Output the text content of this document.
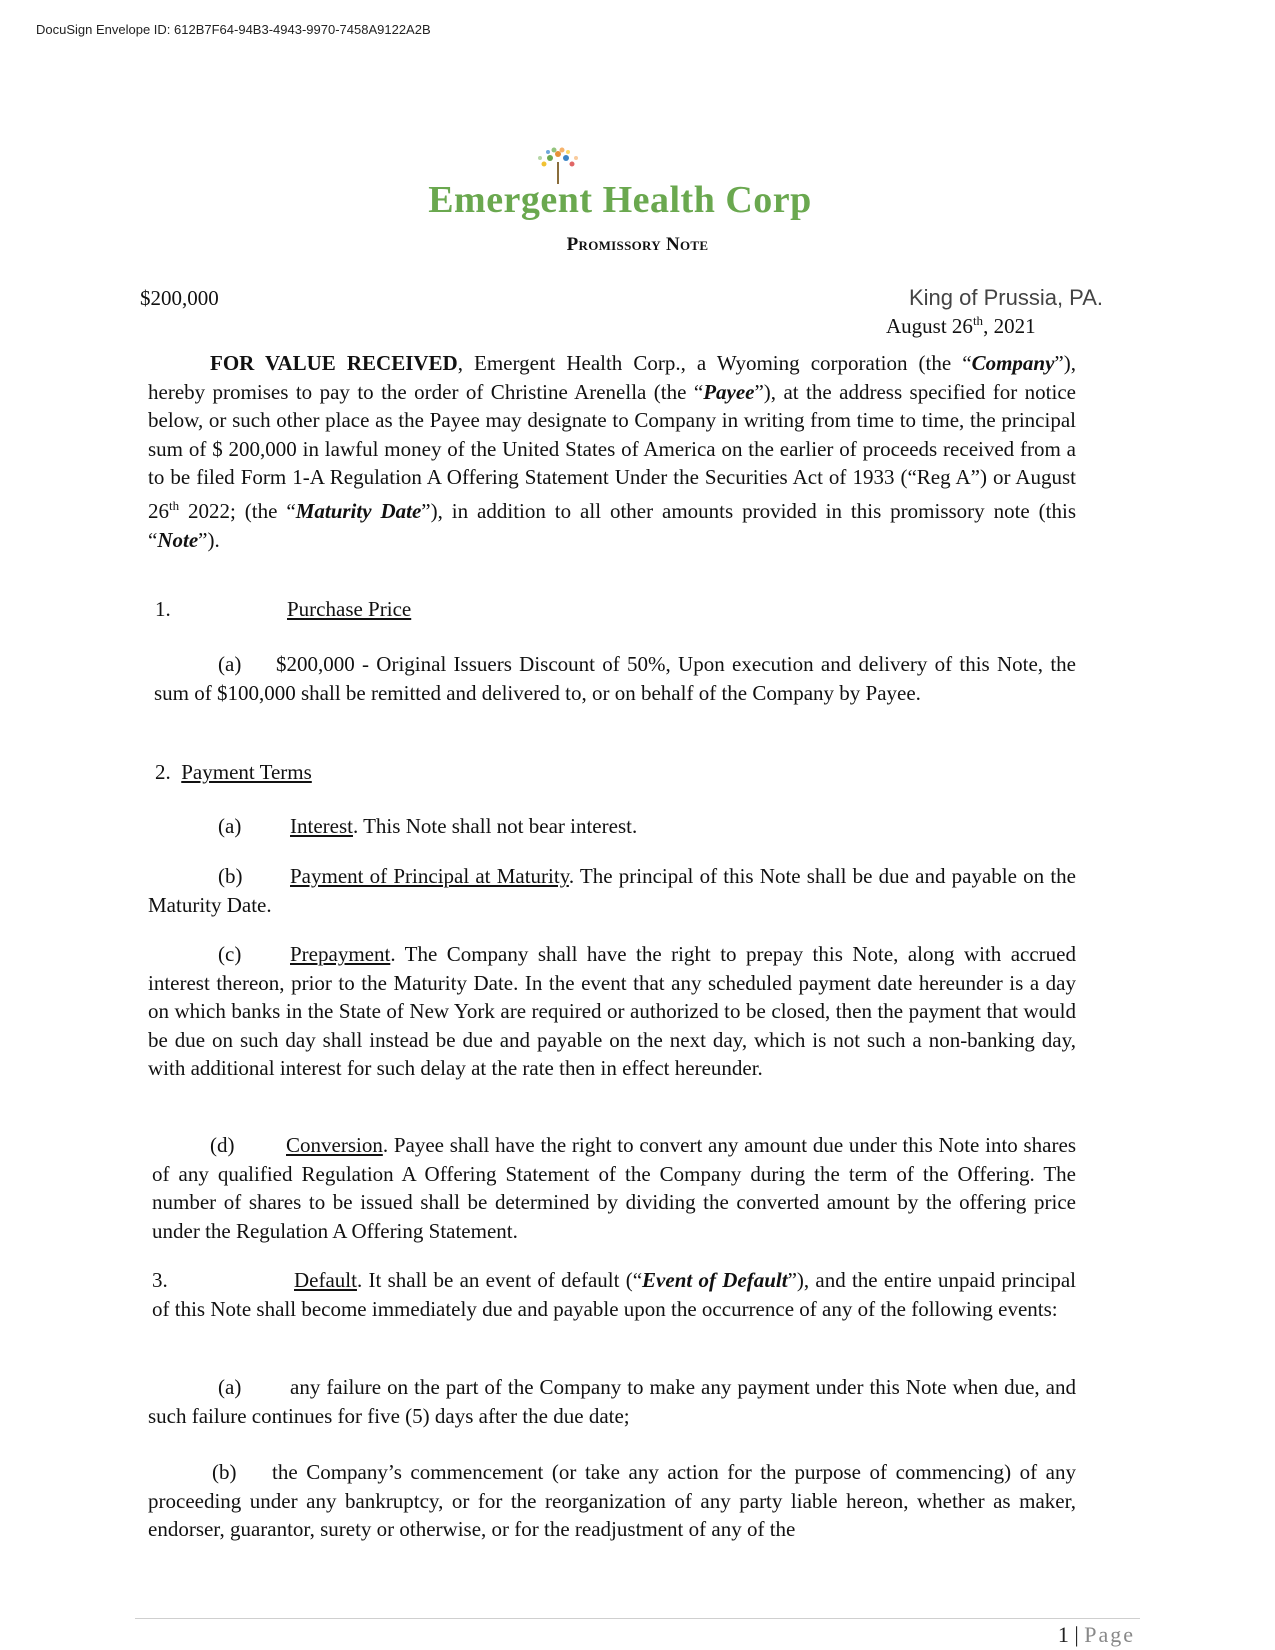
DocuSign Envelope ID: 612B7F64-94B3-4943-9970-7458A9122A2B
Emergent Health Corp
Promissory Note
$200,000	King of Prussia, PA.
August 26th, 2021

FOR VALUE RECEIVED, Emergent Health Corp., a Wyoming corporation (the “Company”), hereby promises to pay to the order of Christine Arenella (the “Payee”), at the address specified for notice below, or such other place as the Payee may designate to Company in writing from time to time, the principal sum of $ 200,000 in lawful money of the United States of America on the earlier of proceeds received from a to be filed Form 1-A Regulation A Offering Statement Under the Securities Act of 1933 (“Reg A”) or August 26th 2022; (the “Maturity Date”), in addition to all other amounts provided in this promissory note (this “Note”).

1.	Purchase Price

(a) $200,000 - Original Issuers Discount of 50%, Upon execution and delivery of this Note, the sum of $100,000 shall be remitted and delivered to, or on behalf of the Company by Payee.

2. Payment Terms

(a) Interest. This Note shall not bear interest.

(b) Payment of Principal at Maturity. The principal of this Note shall be due and payable on the Maturity Date.

(c) Prepayment. The Company shall have the right to prepay this Note, along with accrued interest thereon, prior to the Maturity Date. In the event that any scheduled payment date hereunder is a day on which banks in the State of New York are required or authorized to be closed, then the payment that would be due on such day shall instead be due and payable on the next day, which is not such a non-banking day, with additional interest for such delay at the rate then in effect hereunder.

(d) Conversion. Payee shall have the right to convert any amount due under this Note into shares of any qualified Regulation A Offering Statement of the Company during the term of the Offering. The number of shares to be issued shall be determined by dividing the converted amount by the offering price under the Regulation A Offering Statement.

3.	Default. It shall be an event of default (“Event of Default”), and the entire unpaid principal of this Note shall become immediately due and payable upon the occurrence of any of the following events:

(a) any failure on the part of the Company to make any payment under this Note when due, and such failure continues for five (5) days after the due date;

(b) the Company’s commencement (or take any action for the purpose of commencing) of any proceeding under any bankruptcy, or for the reorganization of any party liable hereon, whether as maker, endorser, guarantor, surety or otherwise, or for the readjustment of any of the

1 | Page
